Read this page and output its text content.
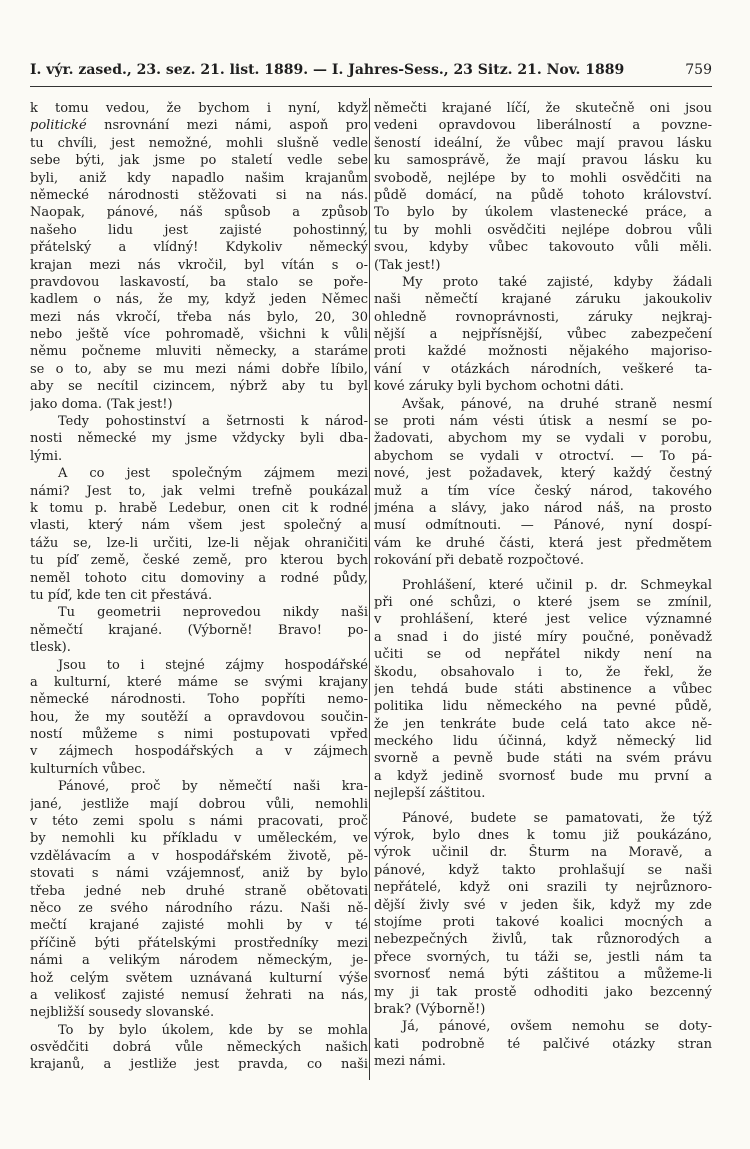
I. výr. zased., 23. sez. 21. list. 1889. — I. Jahres-Sess., 23 Sitz. 21. Nov. 1889	759
k tomu vedou, že bychom i nyní, když
politické nsrovnání mezi námi, aspoň pro
tu chvíli, jest nemožné, mohli slušně vedle
sebe býti, jak jsme po staletí vedle sebe
byli, aniž kdy napadlo našim krajanům
německé národnosti stěžovati si na nás.
Naopak, pánové, náš spůsob a způsob
našeho lidu jest zajisté pohostinný,
přátelský a vlídný! Kdykoliv německý
krajan mezi nás vkročil, byl vítán s o-
pravdovou laskavostí, ba stalo se poře-
kadlem o nás, že my, když jeden Němec
mezi nás vkročí, třeba nás bylo, 20, 30
nebo ještě více pohromadě, všichni k vůli
němu počneme mluviti německy, a staráme
se o to, aby se mu mezi námi dobře líbilo,
aby se necítil cizincem, nýbrž aby tu byl
jako doma. (Tak jest!)
Tedy pohostinství a šetrnosti k národ-
nosti německé my jsme vždycky byli dba-
lými.
A co jest společným zájmem mezi
námi? Jest to, jak velmi trefně poukázal
k tomu p. hrabě Ledebur, onen cit k rodné
vlasti, který nám všem jest společný a
tážu se, lze-li určiti, lze-li nějak ohraničiti
tu píď země, české země, pro kterou bych
neměl tohoto citu domoviny a rodné půdy,
tu píď, kde ten cit přestává.
Tu geometrii neprovedou nikdy naši
němečtí krajané. (Výborně! Bravo! po-
tlesk).
Jsou to i stejné zájmy hospodářské
a kulturní, které máme se svými krajany
německé národnosti. Toho popříti nemo-
hou, že my soutěží a opravdovou součin-
ností můžeme s nimi postupovati vpřed
v zájmech hospodářských a v zájmech
kulturních vůbec.
Pánové, proč by němečtí naši kra-
jané, jestliže mají dobrou vůli, nemohli
v této zemi spolu s námi pracovati, proč
by nemohli ku příkladu v uměleckém, ve
vzdělávacím a v hospodářském životě, pě-
stovati s námi vzájemnosť, aniž by bylo
třeba jedné neb druhé straně obětovati
něco ze svého národního rázu. Naši ně-
mečtí krajané zajisté mohli by v té
příčině býti přátelskými prostředníky mezi
námi a velikým národem německým, je-
hož celým světem uznávaná kulturní výše
a velikosť zajisté nemusí žehrati na nás,
nejbližší sousedy slovanské.
To by bylo úkolem, kde by se mohla
osvědčiti dobrá vůle německých našich
krajanů, a jestliže jest pravda, co naši
němečti krajané líčí, že skutečně oni jsou
vedeni opravdovou liberálností a povzne-
šeností ideální, že vůbec mají pravou lásku
ku samosprávě, že mají pravou lásku ku
svobodě, nejlépe by to mohli osvědčiti na
půdě domácí, na půdě tohoto království.
To bylo by úkolem vlastenecké práce, a
tu by mohli osvědčiti nejlépe dobrou vůli
svou, kdyby vůbec takovouto vůli měli.
(Tak jest!)
My proto také zajisté, kdyby žádali
naši němečtí krajané záruku jakoukoliv
ohledně rovnoprávnosti, záruky nejkraj-
nější a nejpřísnější, vůbec zabezpečení
proti každé možnosti nějakého majoriso-
vání v otázkách národních, veškeré ta-
kové záruky byli bychom ochotni dáti.
Avšak, pánové, na druhé straně nesmí
se proti nám vésti útisk a nesmí se po-
žadovati, abychom my se vydali v porobu,
abychom se vydali v otroctví. — To pá-
nové, jest požadavek, který každý čestný
muž a tím více český národ, takového
jména a slávy, jako národ náš, na prosto
musí odmítnouti. — Pánové, nyní dospí-
vám ke druhé části, která jest předmětem
rokování při debatě rozpočtové.
Prohlášení, které učinil p. dr. Schmeykal
při oné schůzi, o které jsem se zmínil,
v prohlášení, které jest velice významné
a snad i do jisté míry poučné, poněvadž
učiti se od nepřátel nikdy není na
škodu, obsahovalo i to, že řekl, že
jen tehdá bude státi abstinence a vůbec
politika lidu německého na pevné půdě,
že jen tenkráte bude celá tato akce ně-
meckého lidu účinná, když německý lid
svorně a pevně bude státi na svém právu
a když jedině svornosť bude mu první a
nejlepší záštitou.
Pánové, budete se pamatovati, že týž
výrok, bylo dnes k tomu již poukázáno,
výrok učinil dr. Šturm na Moravě, a
pánové, když takto prohlašují se naši
nepřátelé, když oni srazili ty nejrůznoro-
dější živly své v jeden šik, když my zde
stojíme proti takové koalici mocných a
nebezpečných živlů, tak různorodých a
přece svorných, tu táži se, jestli nám ta
svornosť nemá býti záštitou a můžeme-li
my ji tak prostě odhoditi jako bezcenný
brak? (Výborně!)
Já, pánové, ovšem nemohu se doty-
kati podrobně té palčivé otázky stran
mezi námi.
